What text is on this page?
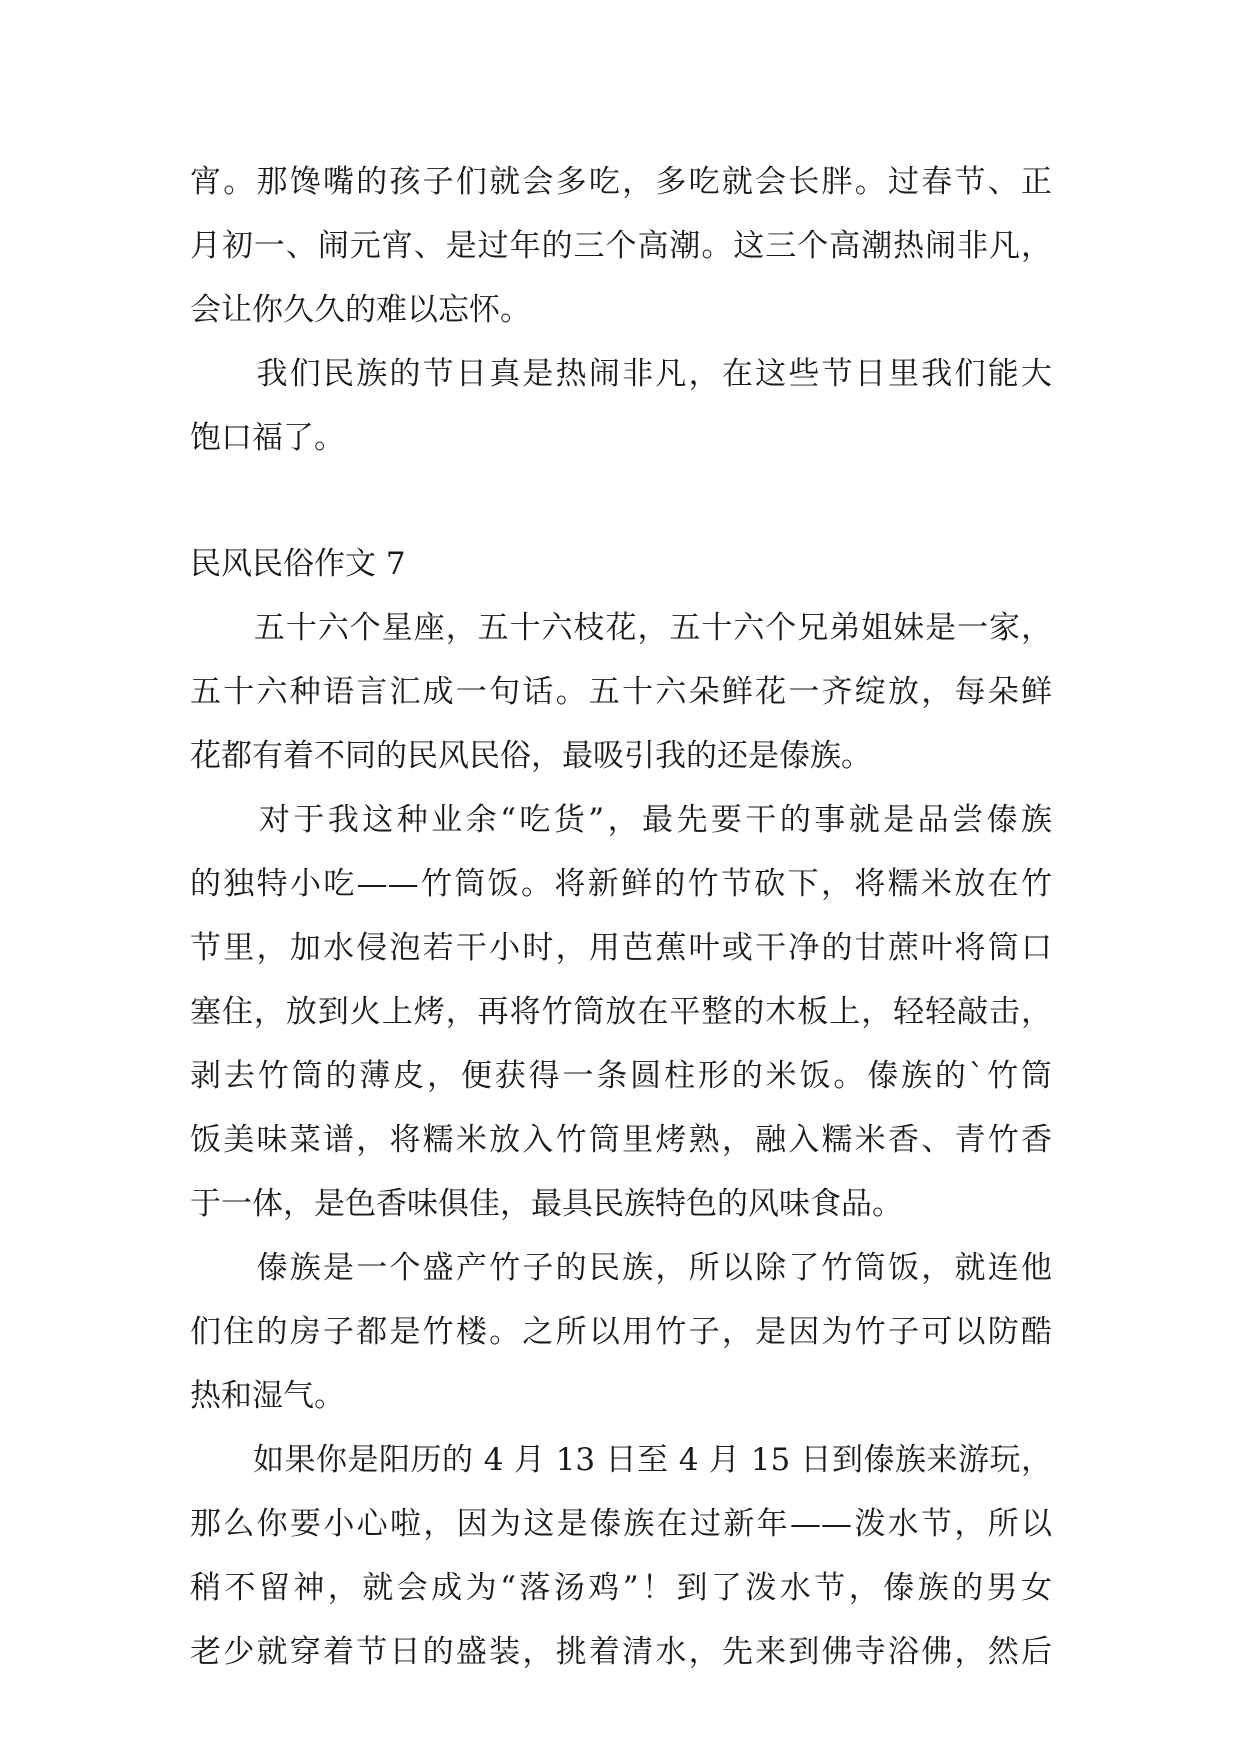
宵。那馋嘴的孩子们就会多吃，多吃就会长胖。过春节、正
月初一、闹元宵、是过年的三个高潮。这三个高潮热闹非凡，
会让你久久的难以忘怀。
　　我们民族的节日真是热闹非凡，在这些节日里我们能大
饱口福了。
民风民俗作文 7
　　五十六个星座，五十六枝花，五十六个兄弟姐妹是一家，
五十六种语言汇成一句话。五十六朵鲜花一齐绽放，每朵鲜
花都有着不同的民风民俗，最吸引我的还是傣族。
　　对于我这种业余“吃货”，最先要干的事就是品尝傣族
的独特小吃——竹筒饭。将新鲜的竹节砍下，将糯米放在竹
节里，加水侵泡若干小时，用芭蕉叶或干净的甘蔗叶将筒口
塞住，放到火上烤，再将竹筒放在平整的木板上，轻轻敲击，
剥去竹筒的薄皮，便获得一条圆柱形的米饭。傣族的`竹筒
饭美味菜谱，将糯米放入竹筒里烤熟，融入糯米香、青竹香
于一体，是色香味俱佳，最具民族特色的风味食品。
　　傣族是一个盛产竹子的民族，所以除了竹筒饭，就连他
们住的房子都是竹楼。之所以用竹子，是因为竹子可以防酷
热和湿气。
　　如果你是阳历的 4 月 13 日至 4 月 15 日到傣族来游玩，
那么你要小心啦，因为这是傣族在过新年——泼水节，所以
稍不留神，就会成为“落汤鸡”！到了泼水节，傣族的男女
老少就穿着节日的盛装，挑着清水，先来到佛寺浴佛，然后
